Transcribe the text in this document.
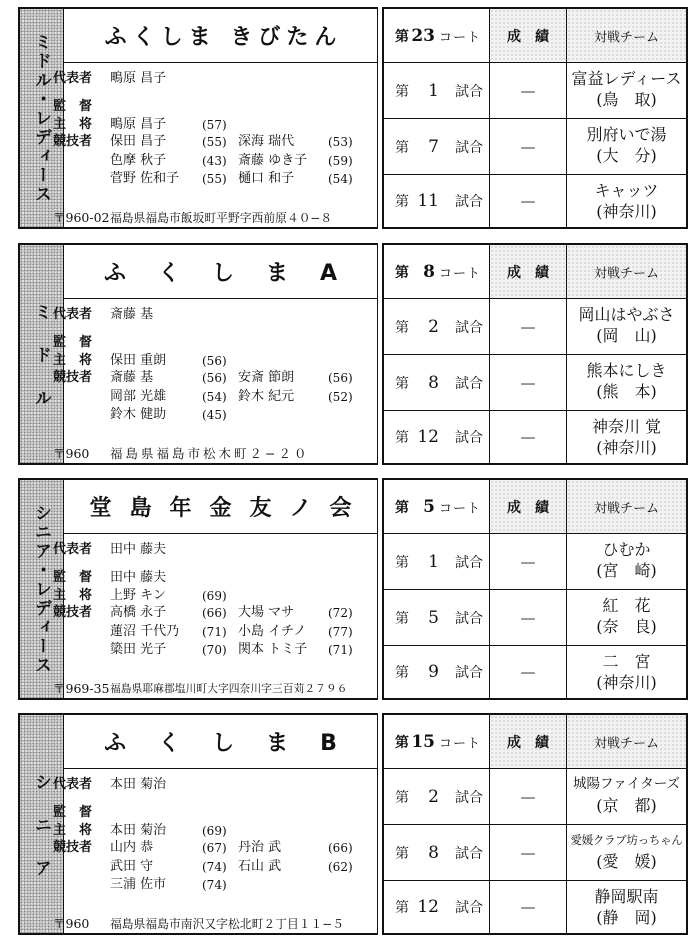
ミドル・レディース	ふくしま きびたん
代表者 鴫原 昌子
監　督
主　将 鴫原 昌子	(57)
競技者 保田 昌子	(55) 深海 瑞代	(53)
色摩 秋子	(43) 斎藤 ゆき子 (59)
菅野 佐和子 (55) 樋口 和子	(54)
〒960-02 福島県福島市飯坂町平野字西前原４０−８
第 23 コート	成　績	対戦チーム
第 1 試合	—
富益レディース
(鳥　取)
第 7 試合	—
別府いで湯
(大　分)
第 11 試合	—
キャッツ
(神奈川)
ミドル
ふくしまA
代表者 斎藤 基
監　督
主　将 保田 重朗	(56)
競技者 斎藤 基	(56) 安斎 節朗	(56)
岡部 光雄	(54) 鈴木 紀元	(52)
鈴木 健助	(45)
〒960 福島県福島市松木町２−２０
第 8 コート	成　績	対戦チーム
第 2 試合	—
岡山はやぶさ
(岡　山)
第 8 試合	—
熊本にしき
(熊　本)
第 12 試合	—
神奈川 覚
(神奈川)
シニア・レディース	堂島年金友ノ会
代表者 田中 藤夫
監　督 田中 藤夫
主　将 上野 キン	(69)
競技者 高橋 永子	(66) 大場 マサ	(72)
蓮沼 千代乃 (71) 小島 イチノ (77)
簗田 光子	(70) 関本 トミ子 (71)
〒969-35 福島県耶麻郡塩川町大字四奈川字三百苅２７９６
第 5 コート	成　績	対戦チーム
第 1 試合	—
ひむか
(宮　崎)
第 5 試合	—
紅　花
(奈　良)
第 9 試合	—
二　宮
(神奈川)
シニア
ふくしまB
代表者 本田 菊治
監　督
主　将 本田 菊治	(69)
競技者 山内 恭	(67) 丹治 武	(66)
武田 守	(74) 石山 武	(62)
三浦 佐市	(74)
〒960 福島県福島市南沢又字松北町２丁目１１−５
第 15 コート	成　績	対戦チーム
第 2 試合	—
城陽ファイターズ
(京　都)
第 8 試合	—
愛媛クラブ坊っちゃん
(愛　媛)
第 12 試合	—
静岡駅南
(静　岡)
